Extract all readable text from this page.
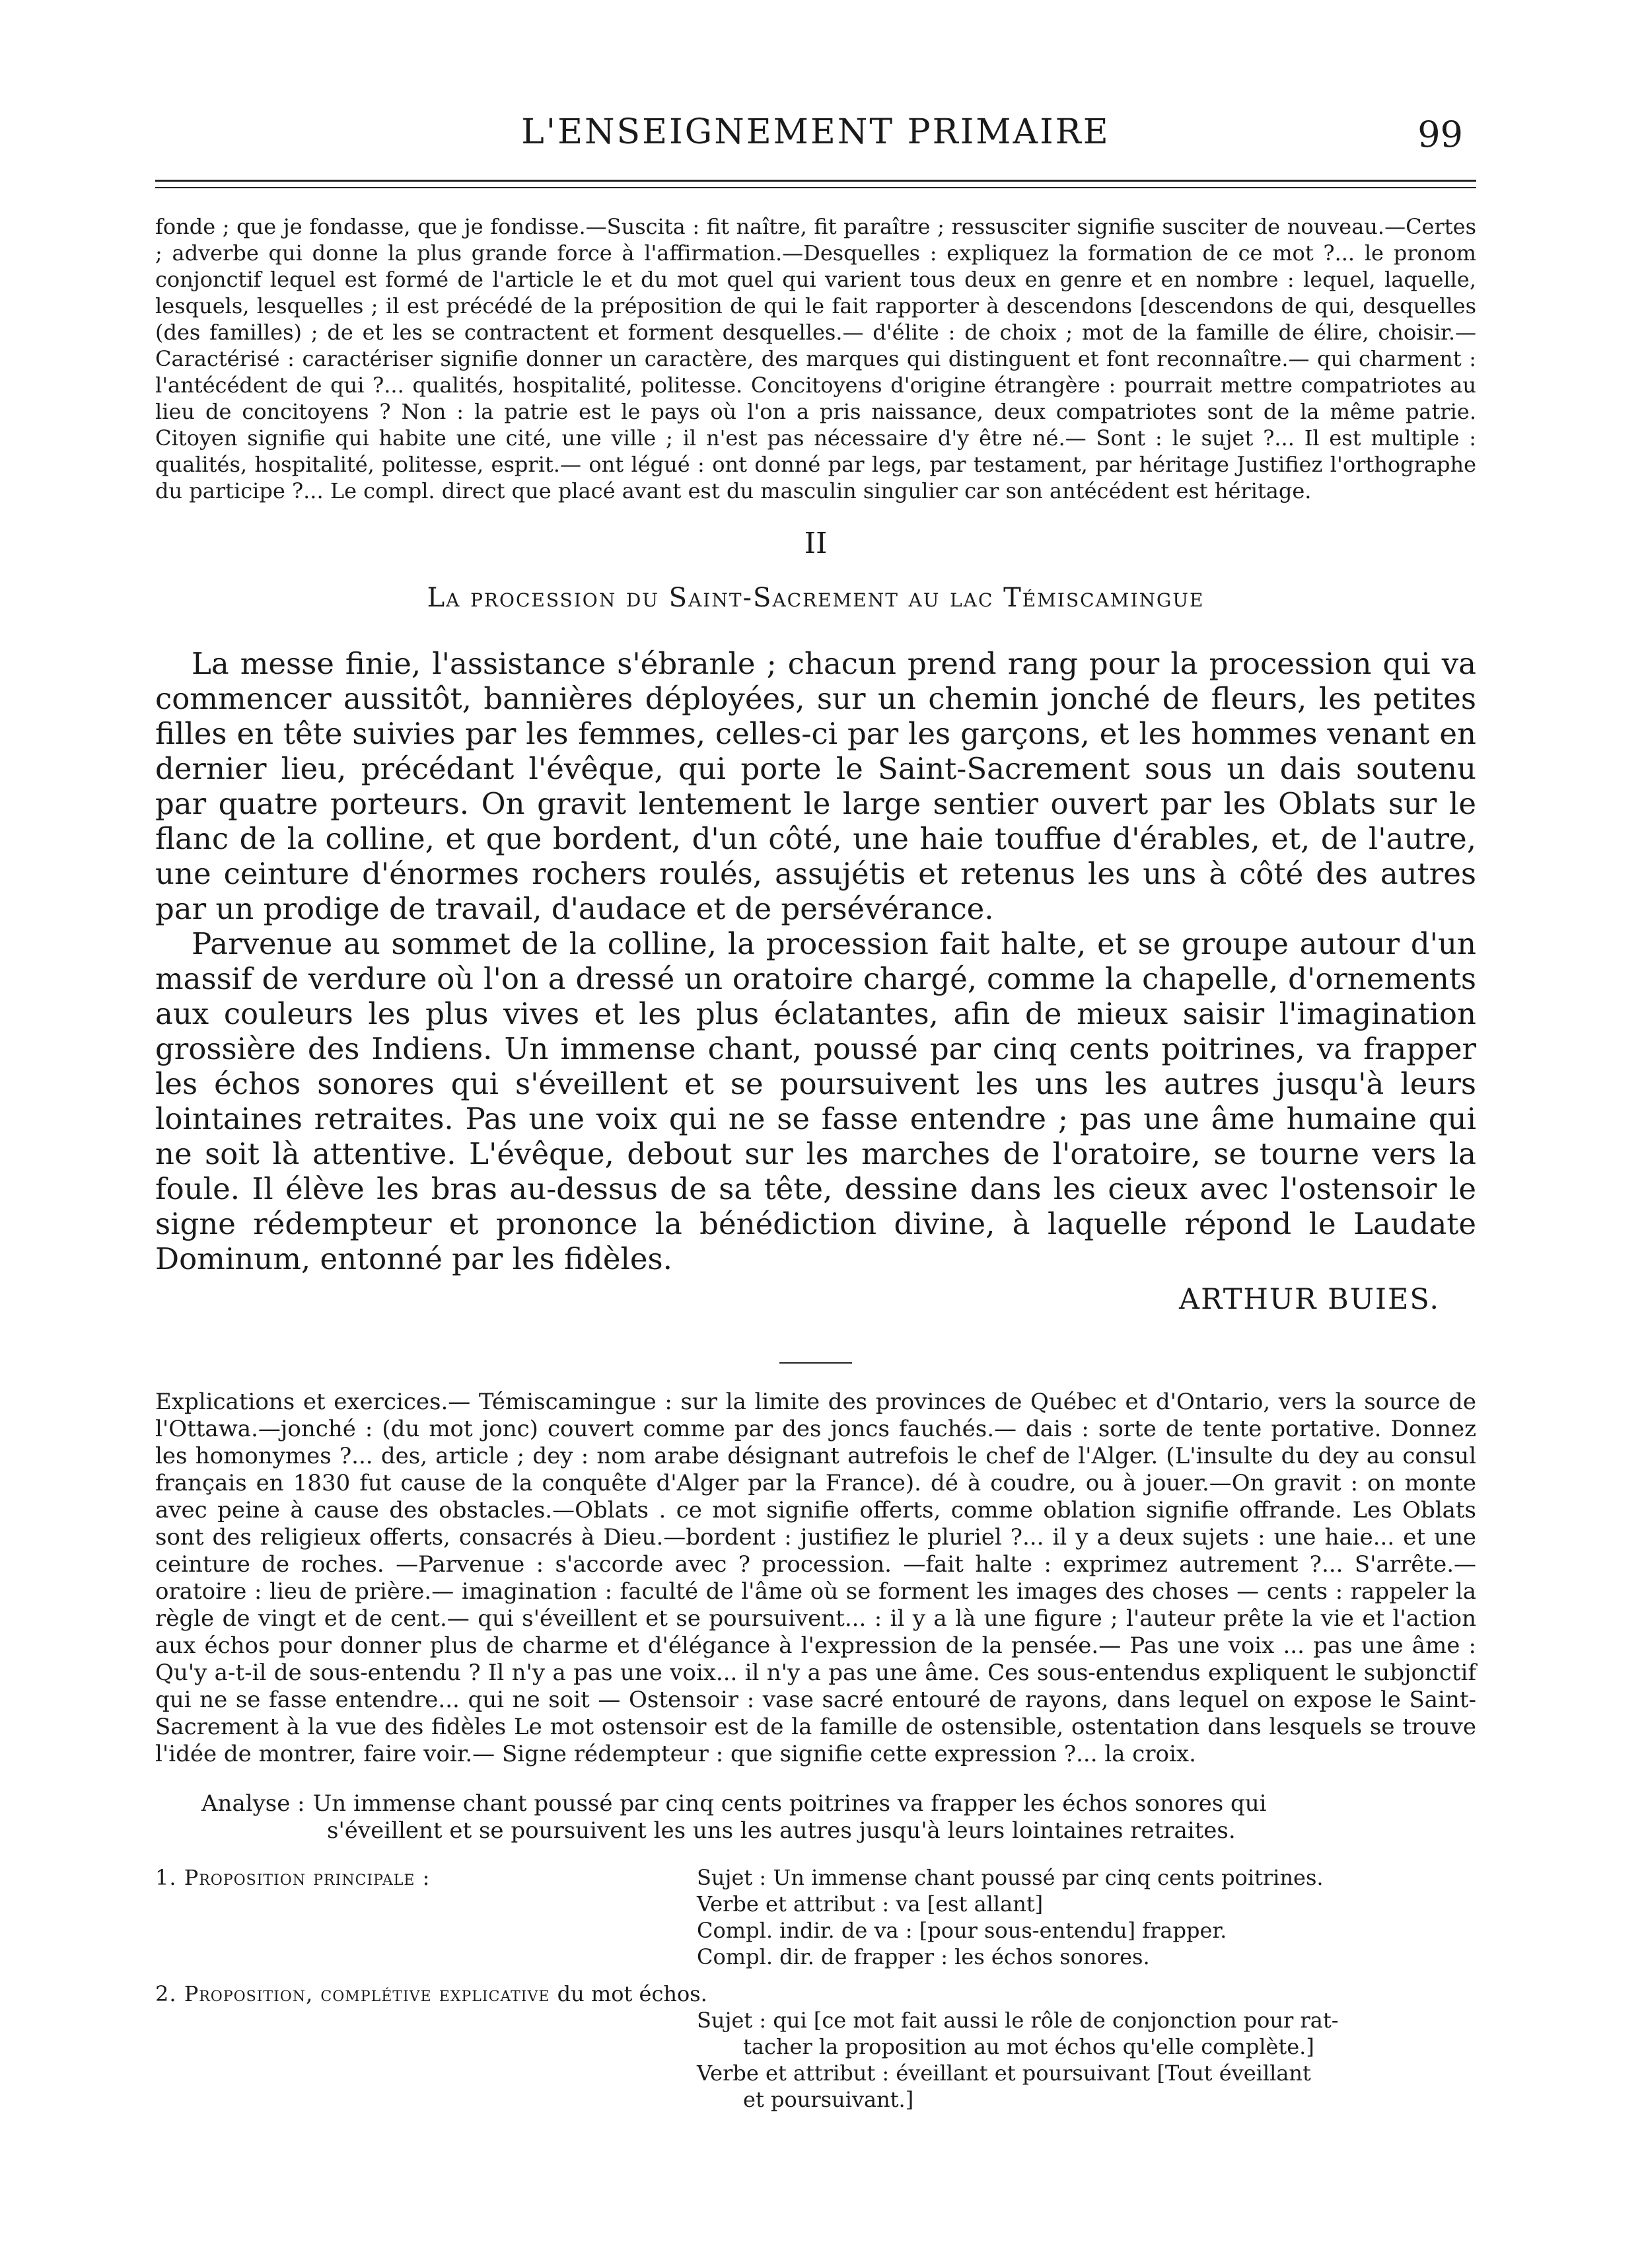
L'ENSEIGNEMENT PRIMAIRE	99

fonde ; que je fondasse, que je fondisse.—Suscita : fit naître, fit paraître ; ressusciter signifie susciter de nouveau.—Certes ; adverbe qui donne la plus grande force à l'affirmation.—Desquelles : expliquez la formation de ce mot ?... le pronom conjonctif lequel est formé de l'article le et du mot quel qui varient tous deux en genre et en nombre : lequel, laquelle, lesquels, lesquelles ; il est précédé de la préposition de qui le fait rapporter à descendons [descendons de qui, desquelles (des familles) ; de et les se contractent et forment desquelles.— d'élite : de choix ; mot de la famille de élire, choisir.— Caractérisé : caractériser signifie donner un caractère, des marques qui distinguent et font reconnaître.— qui charment : l'antécédent de qui ?... qualités, hospitalité, politesse. Concitoyens d'origine étrangère : pourrait mettre compatriotes au lieu de concitoyens ? Non : la patrie est le pays où l'on a pris naissance, deux compatriotes sont de la même patrie. Citoyen signifie qui habite une cité, une ville ; il n'est pas nécessaire d'y être né.— Sont : le sujet ?... Il est multiple : qualités, hospitalité, politesse, esprit.— ont légué : ont donné par legs, par testament, par héritage Justifiez l'orthographe du participe ?... Le compl. direct que placé avant est du masculin singulier car son antécédent est héritage.

II
La procession du Saint-Sacrement au lac Témiscamingue

La messe finie, l'assistance s'ébranle ; chacun prend rang pour la procession qui va commencer aussitôt, bannières déployées, sur un chemin jonché de fleurs, les petites filles en tête suivies par les femmes, celles-ci par les garçons, et les hommes venant en dernier lieu, précédant l'évêque, qui porte le Saint-Sacrement sous un dais soutenu par quatre porteurs. On gravit lentement le large sentier ouvert par les Oblats sur le flanc de la colline, et que bordent, d'un côté, une haie touffue d'érables, et, de l'autre, une ceinture d'énormes rochers roulés, assujétis et retenus les uns à côté des autres par un prodige de travail, d'audace et de persévérance.

Parvenue au sommet de la colline, la procession fait halte, et se groupe autour d'un massif de verdure où l'on a dressé un oratoire chargé, comme la chapelle, d'ornements aux couleurs les plus vives et les plus éclatantes, afin de mieux saisir l'imagination grossière des Indiens. Un immense chant, poussé par cinq cents poitrines, va frapper les échos sonores qui s'éveillent et se poursuivent les uns les autres jusqu'à leurs lointaines retraites. Pas une voix qui ne se fasse entendre ; pas une âme humaine qui ne soit là attentive. L'évêque, debout sur les marches de l'oratoire, se tourne vers la foule. Il élève les bras au-dessus de sa tête, dessine dans les cieux avec l'ostensoir le signe rédempteur et prononce la bénédiction divine, à laquelle répond le Laudate Dominum, entonné par les fidèles.

ARTHUR BUIES.

Explications et exercices.— Témiscamingue : sur la limite des provinces de Québec et d'Ontario, vers la source de l'Ottawa.—jonché : (du mot jonc) couvert comme par des joncs fauchés.— dais : sorte de tente portative. Donnez les homonymes ?... des, article ; dey : nom arabe désignant autrefois le chef de l'Alger. (L'insulte du dey au consul français en 1830 fut cause de la conquête d'Alger par la France). dé à coudre, ou à jouer.—On gravit : on monte avec peine à cause des obstacles.—Oblats . ce mot signifie offerts, comme oblation signifie offrande. Les Oblats sont des religieux offerts, consacrés à Dieu.—bordent : justifiez le pluriel ?... il y a deux sujets : une haie... et une ceinture de roches. —Parvenue : s'accorde avec ? procession. —fait halte : exprimez autrement ?... S'arrête.— oratoire : lieu de prière.— imagination : faculté de l'âme où se forment les images des choses — cents : rappeler la règle de vingt et de cent.— qui s'éveillent et se poursuivent... : il y a là une figure ; l'auteur prête la vie et l'action aux échos pour donner plus de charme et d'élégance à l'expression de la pensée.— Pas une voix ... pas une âme : Qu'y a-t-il de sous-entendu ? Il n'y a pas une voix... il n'y a pas une âme. Ces sous-entendus expliquent le subjonctif qui ne se fasse entendre... qui ne soit — Ostensoir : vase sacré entouré de rayons, dans lequel on expose le Saint-Sacrement à la vue des fidèles Le mot ostensoir est de la famille de ostensible, ostentation dans lesquels se trouve l'idée de montrer, faire voir.— Signe rédempteur : que signifie cette expression ?... la croix.

Analyse : Un immense chant poussé par cinq cents poitrines va frapper les échos sonores qui
s'éveillent et se poursuivent les uns les autres jusqu'à leurs lointaines retraites.
1. Proposition principale :	Sujet : Un immense chant poussé par cinq cents poitrines.
Verbe et attribut : va [est allant]
Compl. indir. de va : [pour sous-entendu] frapper.
Compl. dir. de frapper : les échos sonores.
2. Proposition, complétive explicative du mot échos.
Sujet : qui [ce mot fait aussi le rôle de conjonction pour rat-
tacher la proposition au mot échos qu'elle complète.]
Verbe et attribut : éveillant et poursuivant [Tout éveillant
et poursuivant.]
